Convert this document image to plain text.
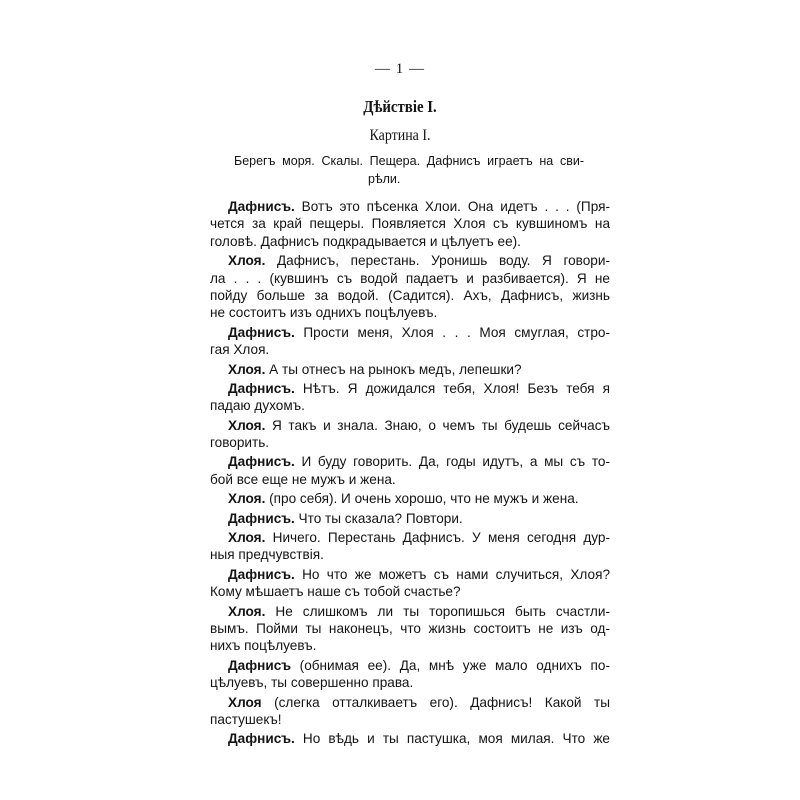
— 1 —
Дѣйствіе I.
Картина I.
Берегъ моря. Скалы. Пещера. Дафнисъ играетъ на сви-
рѣли.
Дафнисъ. Вотъ это пѣсенка Хлои. Она идетъ . . . (Пря-
чется за край пещеры. Появляется Хлоя съ кувшиномъ на
головѣ. Дафнисъ подкрадывается и цѣлуетъ ее).
Хлоя. Дафнисъ, перестань. Уронишь воду. Я говори-
ла . . . (кувшинъ съ водой падаетъ и разбивается). Я не
пойду больше за водой. (Садится). Ахъ, Дафнисъ, жизнь
не состоитъ изъ однихъ поцѣлуевъ.
Дафнисъ. Прости меня, Хлоя . . . Моя смуглая, стро-
гая Хлоя.
Хлоя. А ты отнесъ на рынокъ медъ, лепешки?
Дафнисъ. Нѣтъ. Я дожидался тебя, Хлоя! Безъ тебя я
падаю духомъ.
Хлоя. Я такъ и знала. Знаю, о чемъ ты будешь сейчасъ
говорить.
Дафнисъ. И буду говорить. Да, годы идутъ, а мы съ то-
бой все еще не мужъ и жена.
Хлоя. (про себя). И очень хорошо, что не мужъ и жена.
Дафнисъ. Что ты сказала? Повтори.
Хлоя. Ничего. Перестань Дафнисъ. У меня сегодня дур-
ныя предчувствія.
Дафнисъ. Но что же можетъ съ нами случиться, Хлоя?
Кому мѣшаетъ наше съ тобой счастье?
Хлоя. Не слишкомъ ли ты торопишься быть счастли-
вымъ. Пойми ты наконецъ, что жизнь состоитъ не изъ од-
нихъ поцѣлуевъ.
Дафнисъ (обнимая ее). Да, мнѣ уже мало однихъ по-
цѣлуевъ, ты совершенно права.
Хлоя (слегка отталкиваетъ его). Дафнисъ! Какой ты
пастушекъ!
Дафнисъ. Но вѣдь и ты пастушка, моя милая. Что же
